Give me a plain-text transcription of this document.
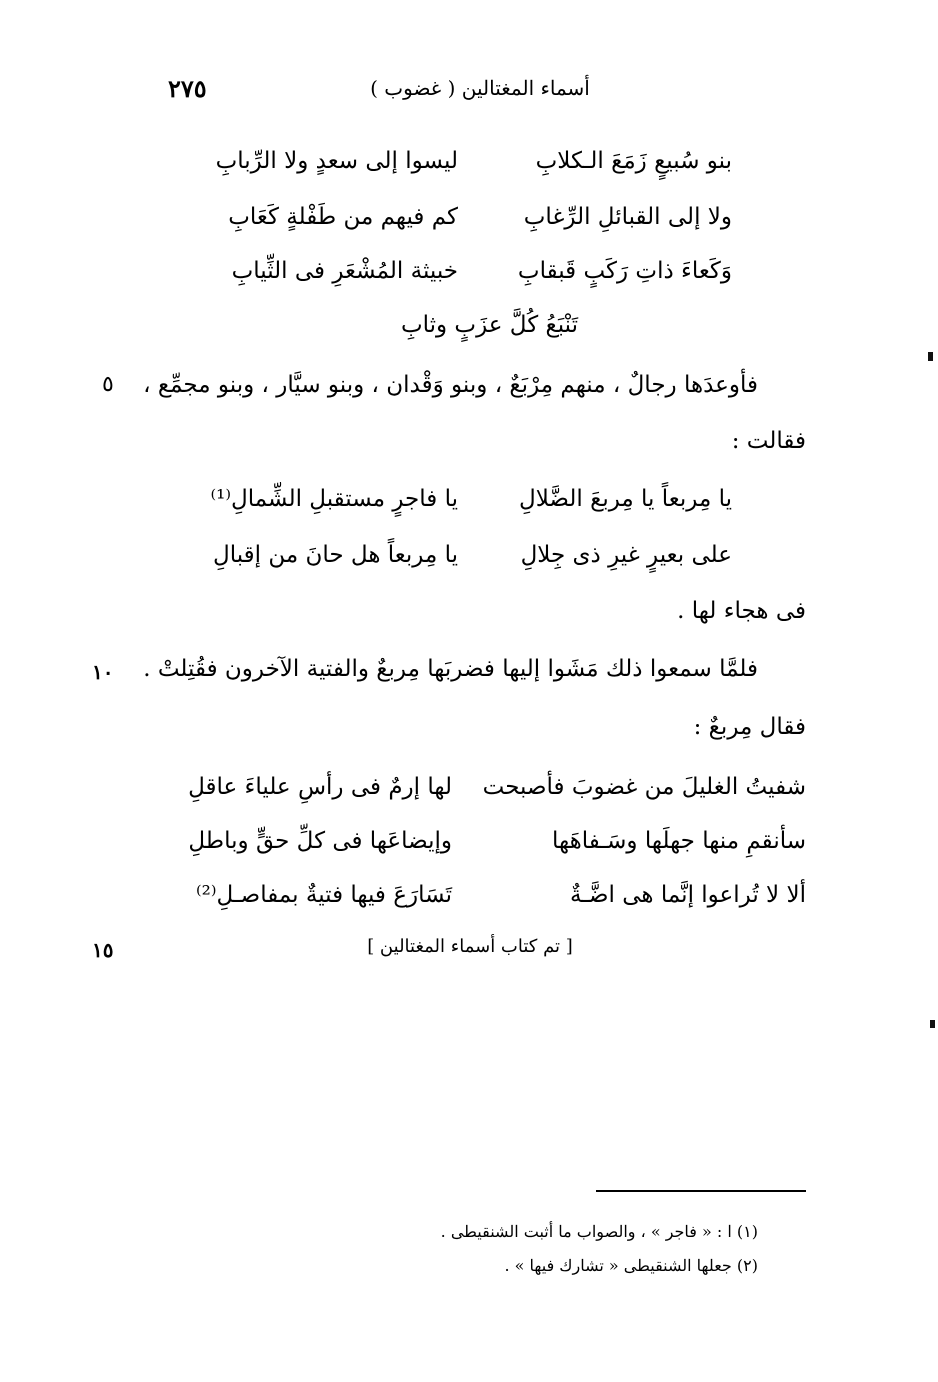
٢٧٥	أسماء المغتالين ( غضوب )
بنو سُبيعٍ زَمَعَ الـكلابِ
ليسوا إلى سعدٍ ولا الرِّبابِ
ولا إلى القبائلِ الرِّغابِ
كم فيهم من طَفْلةٍ كَعَابِ
وَكَعاءَ ذاتِ رَكَبٍ قَبقابِ
خبيثة المُشْعَرِ فى الثِّيابِ
تَنْبَعُ كُلَّ عزَبٍ وثابِ
فأوعدَها رجالٌ ، منهم مِرْبَعٌ ، وبنو وَقْدان ، وبنو سيَّار ، وبنو مجمِّع ،
٥
فقالت :
يا مِربعاً يا مِربعَ الضَّلالِ
يا فاجرٍ مستقبلِ الشِّمالِ⁽¹⁾
على بعيرٍ غيرِ ذى جِلالِ
يا مِربعاً هل حانَ من إقبالِ
فى هجاء لها .
فلمَّا سمعوا ذلك مَشَوا إليها فضربَها مِربعٌ والفتية الآخرون فقُتِلتْ .
١٠
فقال مِربعٌ :
شفيتُ الغليلَ من غضوبَ فأصبحت
لها إرمٌ فى رأسِ علياءَ عاقلِ
سأنقمِ منها جهلَها وسَـفاهَها
وإيضاعَها فى كلِّ حقٍّ وباطلِ
ألا لا تُراعوا إنَّما هى اضَّـةٌ
تَسَارَعَ فيها فتيةٌ بمفاصـلِ⁽²⁾
١٥	[ تم كتاب أسماء المغتالين ]
(١) ا : « فاجر » ، والصواب ما أثبت الشنقيطى .
(٢) جعلها الشنقيطى « تشارك فيها » .
